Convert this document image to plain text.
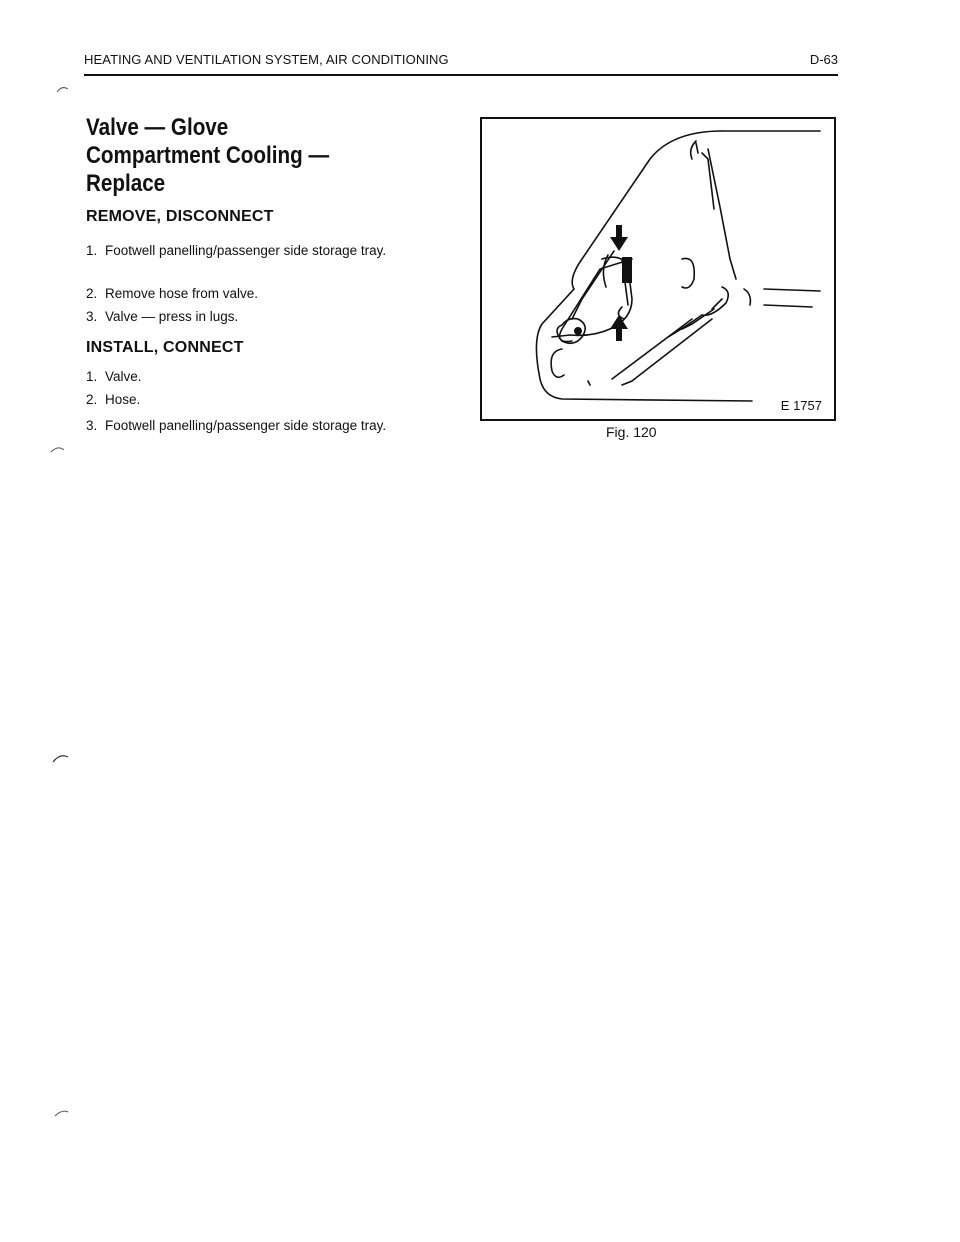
HEATING AND VENTILATION SYSTEM, AIR CONDITIONING	D-63
Valve — Glove
Compartment Cooling —
Replace
REMOVE, DISCONNECT
1. Footwell panelling/passenger side storage tray.
2. Remove hose from valve.
3. Valve — press in lugs.
INSTALL, CONNECT
1. Valve.
2. Hose.
3. Footwell panelling/passenger side storage tray.
E 1757
Fig. 120
